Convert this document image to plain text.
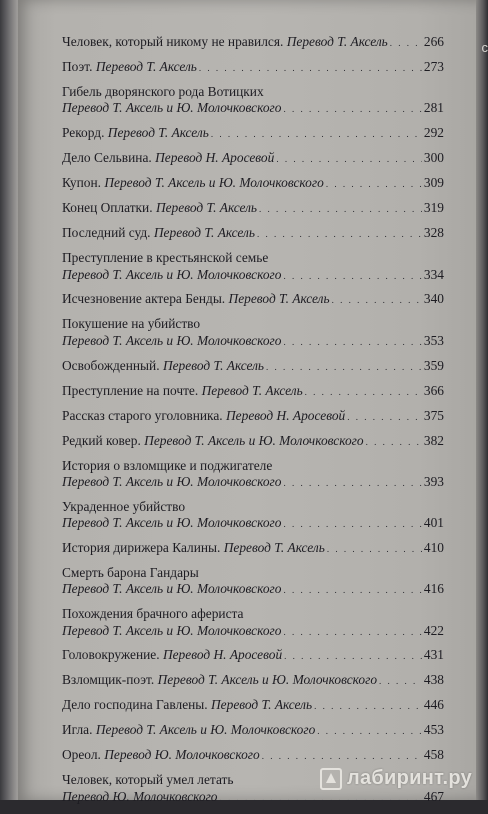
c
Человек, который никому не нравился.
Перевод Т. Аксель . . .	266
Поэт.
Перевод Т. Аксель . . .	273
Гибель дворянского рода Вотицких
Перевод Т. Аксель и Ю. Молочковского . . .	281
Рекорд.
Перевод Т. Аксель . . .	292
Дело Сельвина.
Перевод Н. Аросевой . . .	300
Купон.
Перевод Т. Аксель и Ю. Молочковского . . .	309
Конец Оплатки.
Перевод Т. Аксель . . .	319
Последний суд.
Перевод Т. Аксель . . .	328
Преступление в крестьянской семье
Перевод Т. Аксель и Ю. Молочковского . . .	334
Исчезновение актера Бенды.
Перевод Т. Аксель . . .	340
Покушение на убийство
Перевод Т. Аксель и Ю. Молочковского . . .	353
Освобожденный.
Перевод Т. Аксель . . .	359
Преступление на почте.
Перевод Т. Аксель . . .	366
Рассказ старого уголовника.
Перевод Н. Аросевой . . .	375
Редкий ковер.
Перевод Т. Аксель и Ю. Молочковского . . .	382
История о взломщике и поджигателе
Перевод Т. Аксель и Ю. Молочковского . . .	393
Украденное убийство
Перевод Т. Аксель и Ю. Молочковского . . .	401
История дирижера Калины.
Перевод Т. Аксель . . .	410
Смерть барона Гандары
Перевод Т. Аксель и Ю. Молочковского . . .	416
Похождения брачного афериста
Перевод Т. Аксель и Ю. Молочковского . . .	422
Головокружение.
Перевод Н. Аросевой . . .	431
Взломщик-поэт.
Перевод Т. Аксель и Ю. Молочковского . . .	438
Дело господина Гавлены.
Перевод Т. Аксель . . .	446
Игла.
Перевод Т. Аксель и Ю. Молочковского . . .	453
Ореол.
Перевод Ю. Молочковского . . .	458
Человек, который умел летать
Перевод Ю. Молочковского . . .	467
лабиринт.ру
